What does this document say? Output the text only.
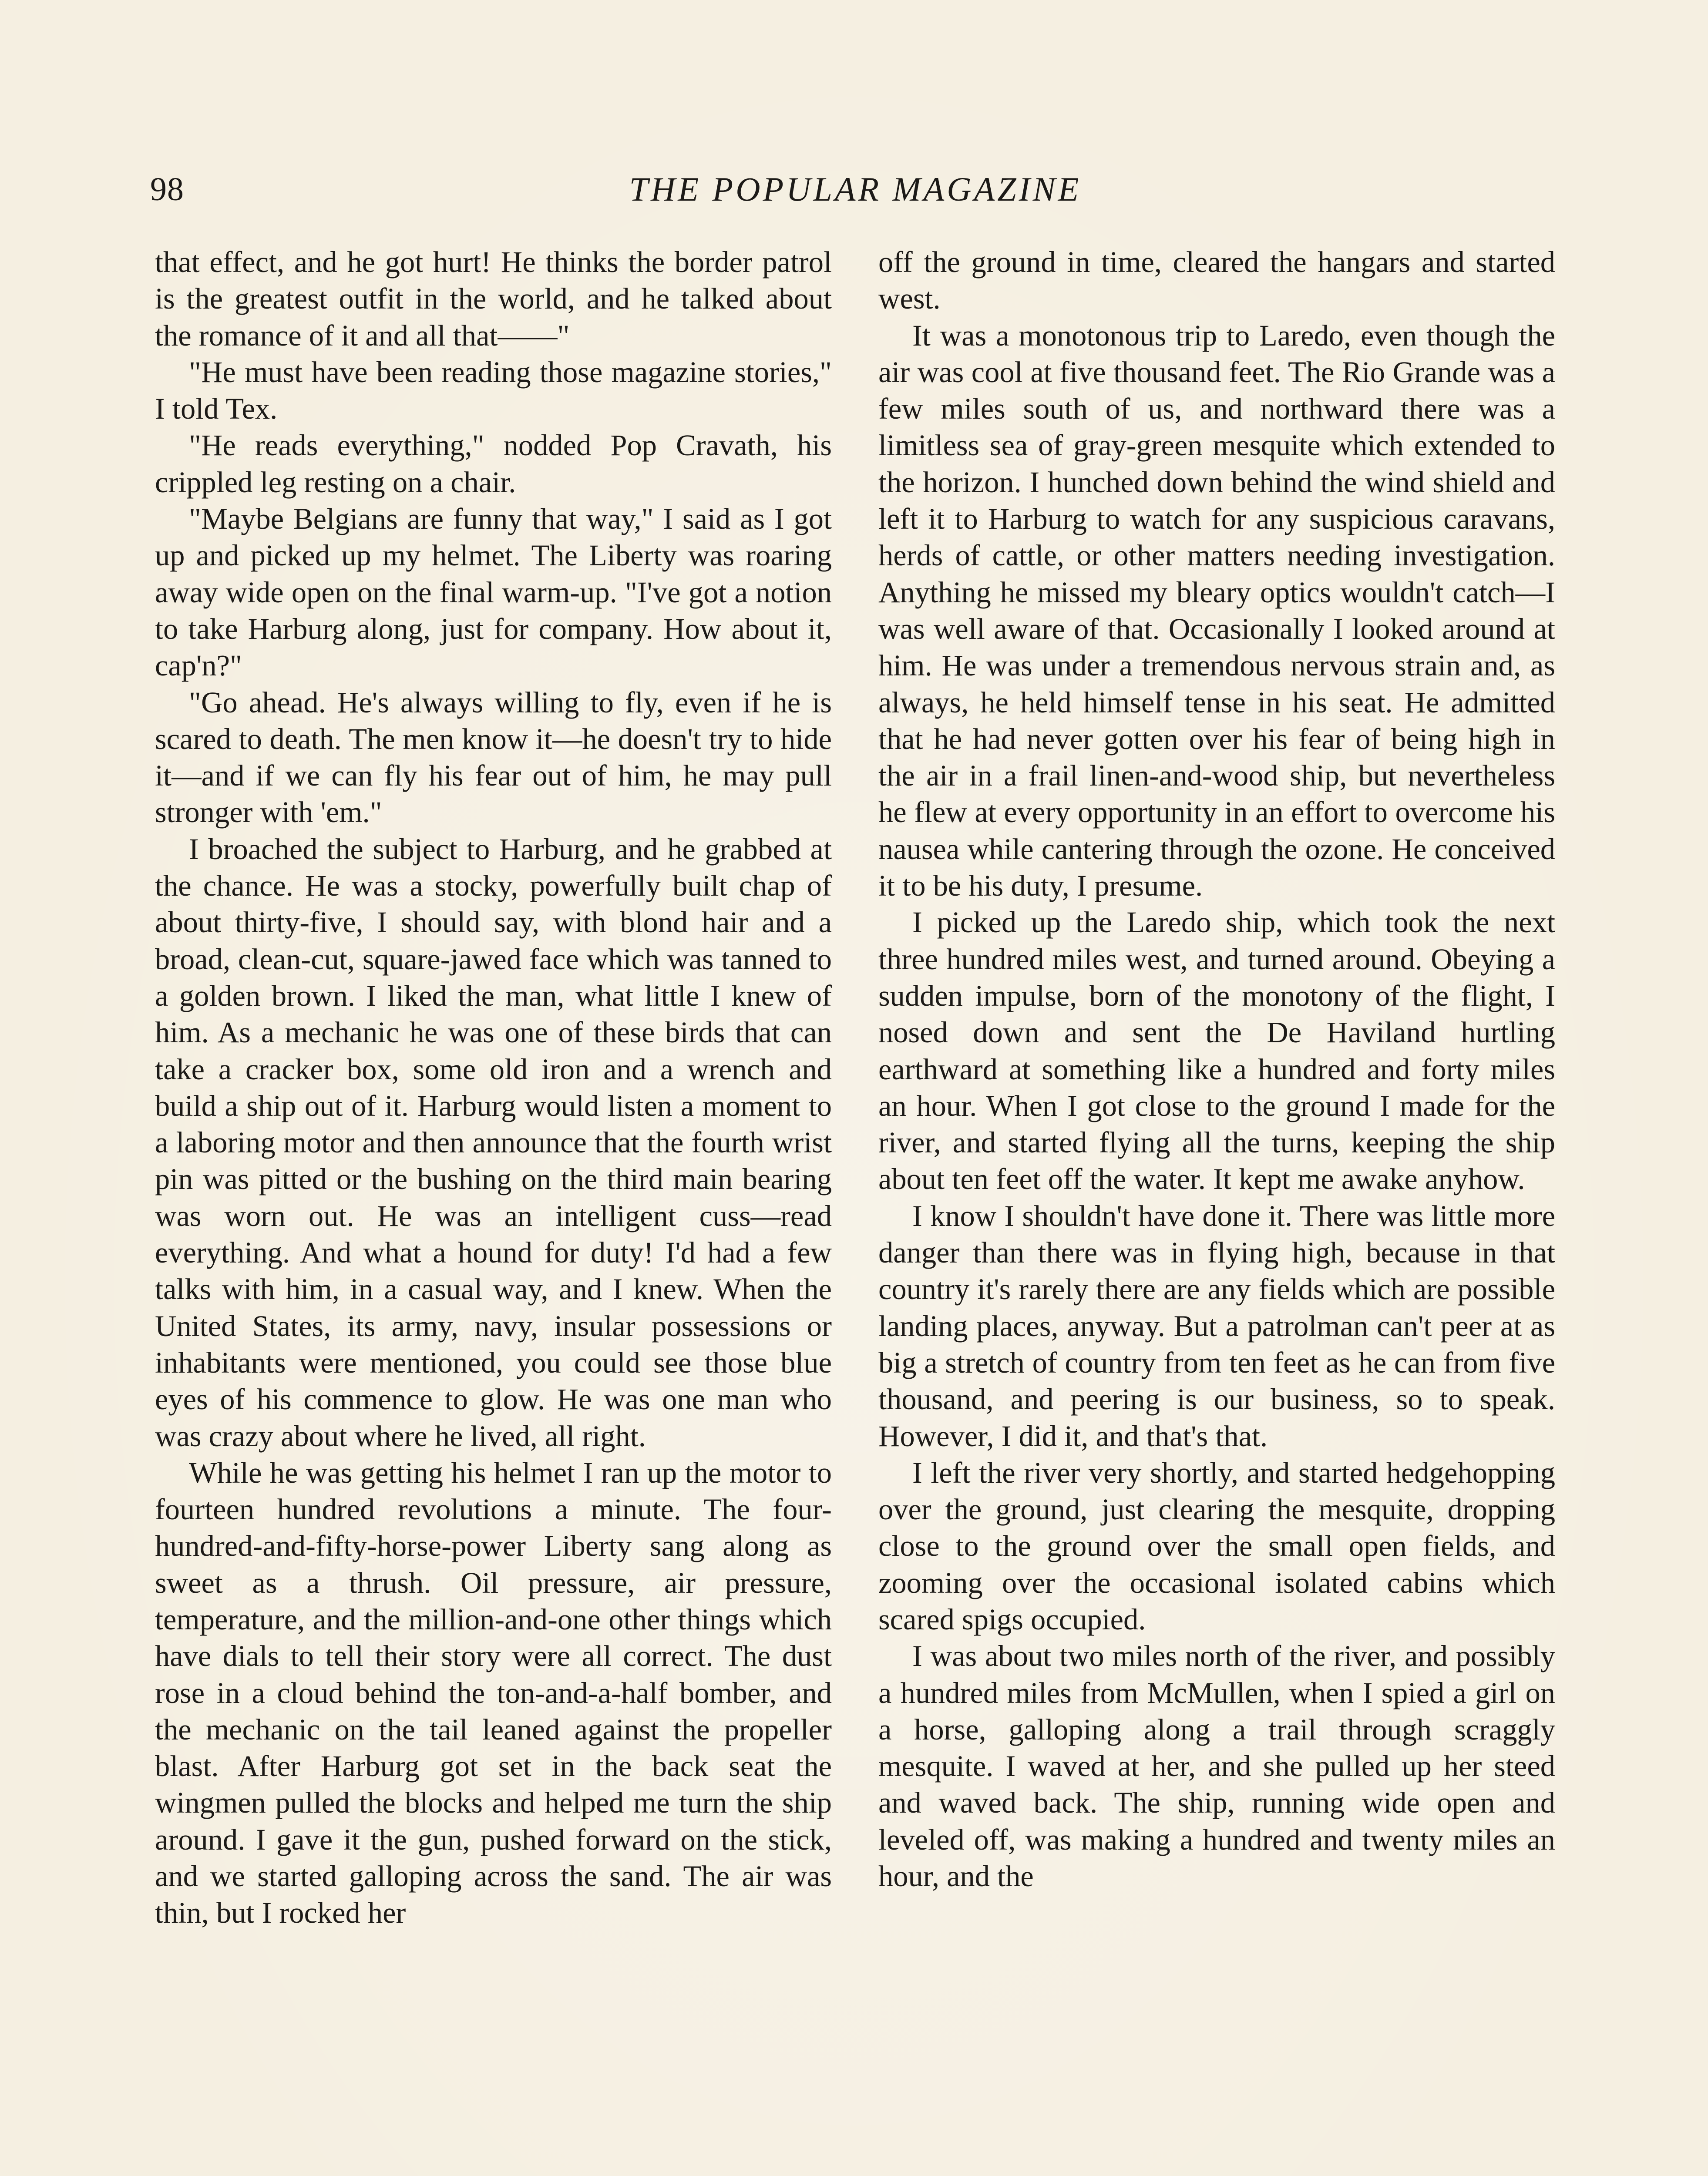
98	THE POPULAR MAGAZINE

that effect, and he got hurt! He thinks the border patrol is the greatest outfit in the world, and he talked about the romance of it and all that——"

"He must have been reading those magazine stories," I told Tex.

"He reads everything," nodded Pop Cravath, his crippled leg resting on a chair.

"Maybe Belgians are funny that way," I said as I got up and picked up my helmet. The Liberty was roaring away wide open on the final warm-up. "I've got a notion to take Harburg along, just for company. How about it, cap'n?"

"Go ahead. He's always willing to fly, even if he is scared to death. The men know it—he doesn't try to hide it—and if we can fly his fear out of him, he may pull stronger with 'em."

I broached the subject to Harburg, and he grabbed at the chance. He was a stocky, powerfully built chap of about thirty-five, I should say, with blond hair and a broad, clean-cut, square-jawed face which was tanned to a golden brown. I liked the man, what little I knew of him. As a mechanic he was one of these birds that can take a cracker box, some old iron and a wrench and build a ship out of it. Harburg would listen a moment to a laboring motor and then announce that the fourth wrist pin was pitted or the bushing on the third main bearing was worn out. He was an intelligent cuss—read everything. And what a hound for duty! I'd had a few talks with him, in a casual way, and I knew. When the United States, its army, navy, insular possessions or inhabitants were mentioned, you could see those blue eyes of his commence to glow. He was one man who was crazy about where he lived, all right.

While he was getting his helmet I ran up the motor to fourteen hundred revolutions a minute. The four-hundred-and-fifty-horse-power Liberty sang along as sweet as a thrush. Oil pressure, air pressure, temperature, and the million-and-one other things which have dials to tell their story were all correct. The dust rose in a cloud behind the ton-and-a-half bomber, and the mechanic on the tail leaned against the propeller blast. After Harburg got set in the back seat the wingmen pulled the blocks and helped me turn the ship around. I gave it the gun, pushed forward on the stick, and we started galloping across the sand. The air was thin, but I rocked her

off the ground in time, cleared the hangars and started west.

It was a monotonous trip to Laredo, even though the air was cool at five thousand feet. The Rio Grande was a few miles south of us, and northward there was a limitless sea of gray-green mesquite which extended to the horizon. I hunched down behind the wind shield and left it to Harburg to watch for any suspicious caravans, herds of cattle, or other matters needing investigation. Anything he missed my bleary optics wouldn't catch—I was well aware of that. Occasionally I looked around at him. He was under a tremendous nervous strain and, as always, he held himself tense in his seat. He admitted that he had never gotten over his fear of being high in the air in a frail linen-and-wood ship, but nevertheless he flew at every opportunity in an effort to overcome his nausea while cantering through the ozone. He conceived it to be his duty, I presume.

I picked up the Laredo ship, which took the next three hundred miles west, and turned around. Obeying a sudden impulse, born of the monotony of the flight, I nosed down and sent the De Haviland hurtling earthward at something like a hundred and forty miles an hour. When I got close to the ground I made for the river, and started flying all the turns, keeping the ship about ten feet off the water. It kept me awake anyhow.

I know I shouldn't have done it. There was little more danger than there was in flying high, because in that country it's rarely there are any fields which are possible landing places, anyway. But a patrolman can't peer at as big a stretch of country from ten feet as he can from five thousand, and peering is our business, so to speak. However, I did it, and that's that.

I left the river very shortly, and started hedgehopping over the ground, just clearing the mesquite, dropping close to the ground over the small open fields, and zooming over the occasional isolated cabins which scared spigs occupied.

I was about two miles north of the river, and possibly a hundred miles from McMullen, when I spied a girl on a horse, galloping along a trail through scraggly mesquite. I waved at her, and she pulled up her steed and waved back. The ship, running wide open and leveled off, was making a hundred and twenty miles an hour, and the
